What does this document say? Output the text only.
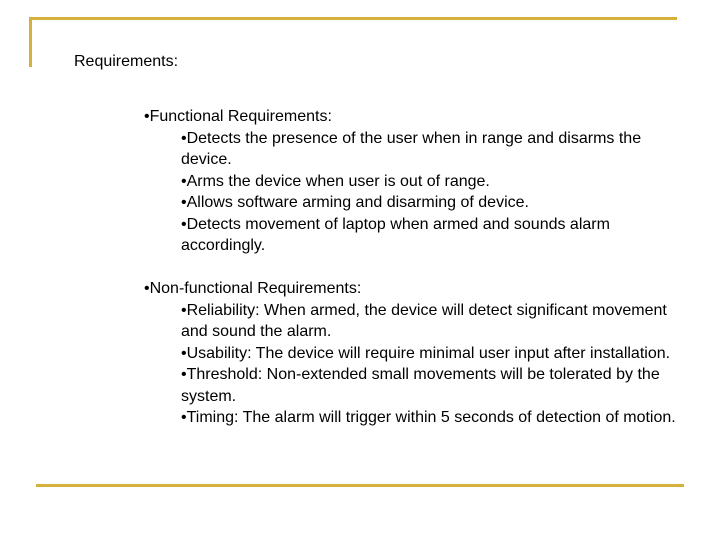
Requirements:
•Functional Requirements:
•Detects the presence of the user when in range and disarms the device.
•Arms the device when user is out of range.
•Allows software arming and disarming of device.
•Detects movement of laptop when armed and sounds alarm accordingly.
•Non-functional Requirements:
•Reliability: When armed, the device will detect significant movement and sound the alarm.
•Usability: The device will require minimal user input after installation.
•Threshold: Non-extended small movements will be tolerated by the system.
•Timing: The alarm will trigger within 5 seconds of detection of motion.
